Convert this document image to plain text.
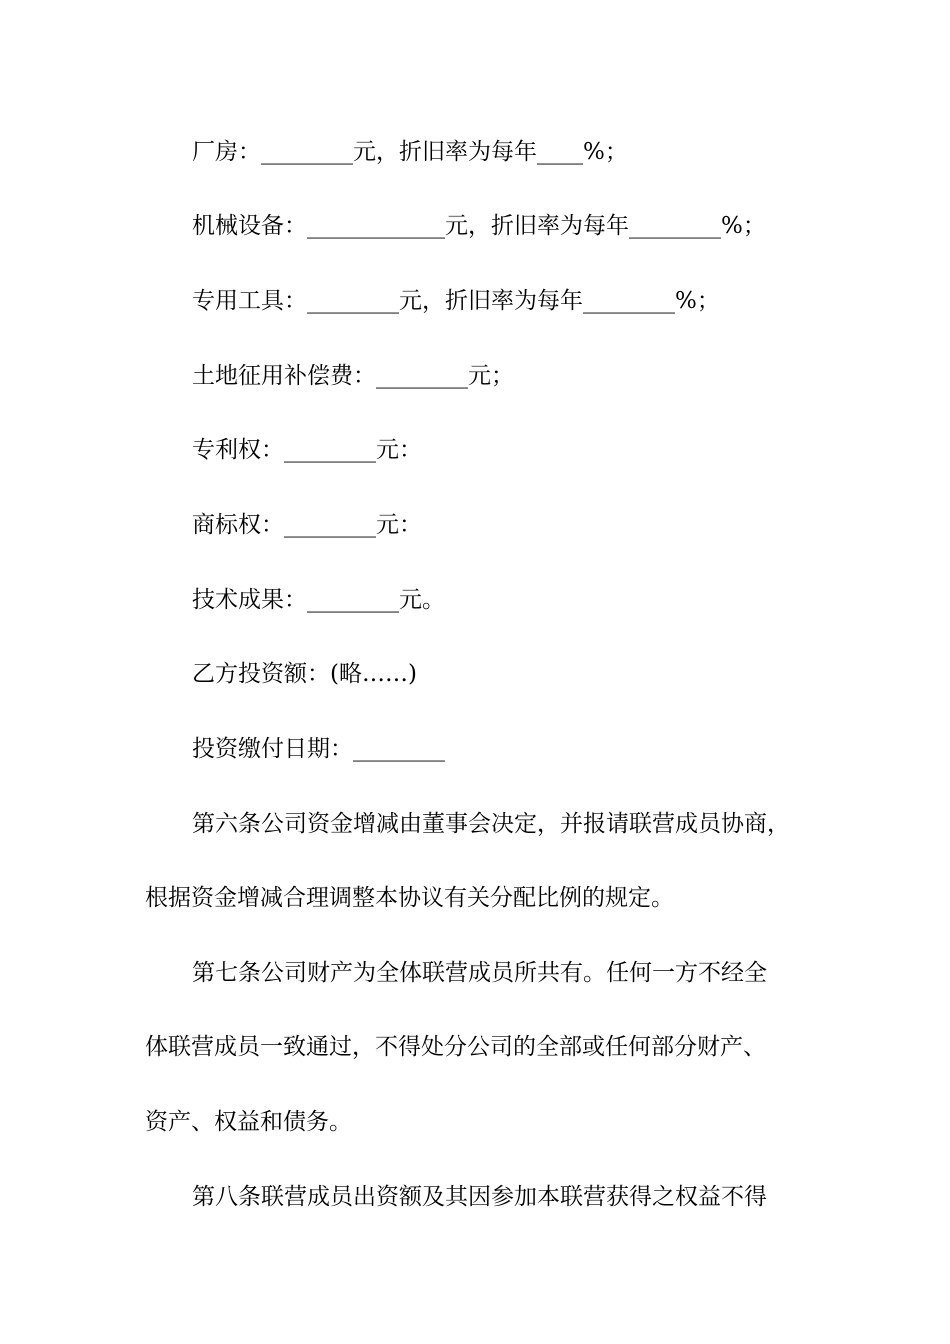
厂房：________元，折旧率为每年____%；
机械设备：____________元，折旧率为每年________%；
专用工具：________元，折旧率为每年________%；
土地征用补偿费：________元；
专利权：________元：
商标权：________元：
技术成果：________元。
乙方投资额：(略……)
投资缴付日期：________
第六条公司资金增减由董事会决定，并报请联营成员协商，
根据资金增减合理调整本协议有关分配比例的规定。
第七条公司财产为全体联营成员所共有。任何一方不经全
体联营成员一致通过，不得处分公司的全部或任何部分财产、
资产、权益和债务。
第八条联营成员出资额及其因参加本联营获得之权益不得
